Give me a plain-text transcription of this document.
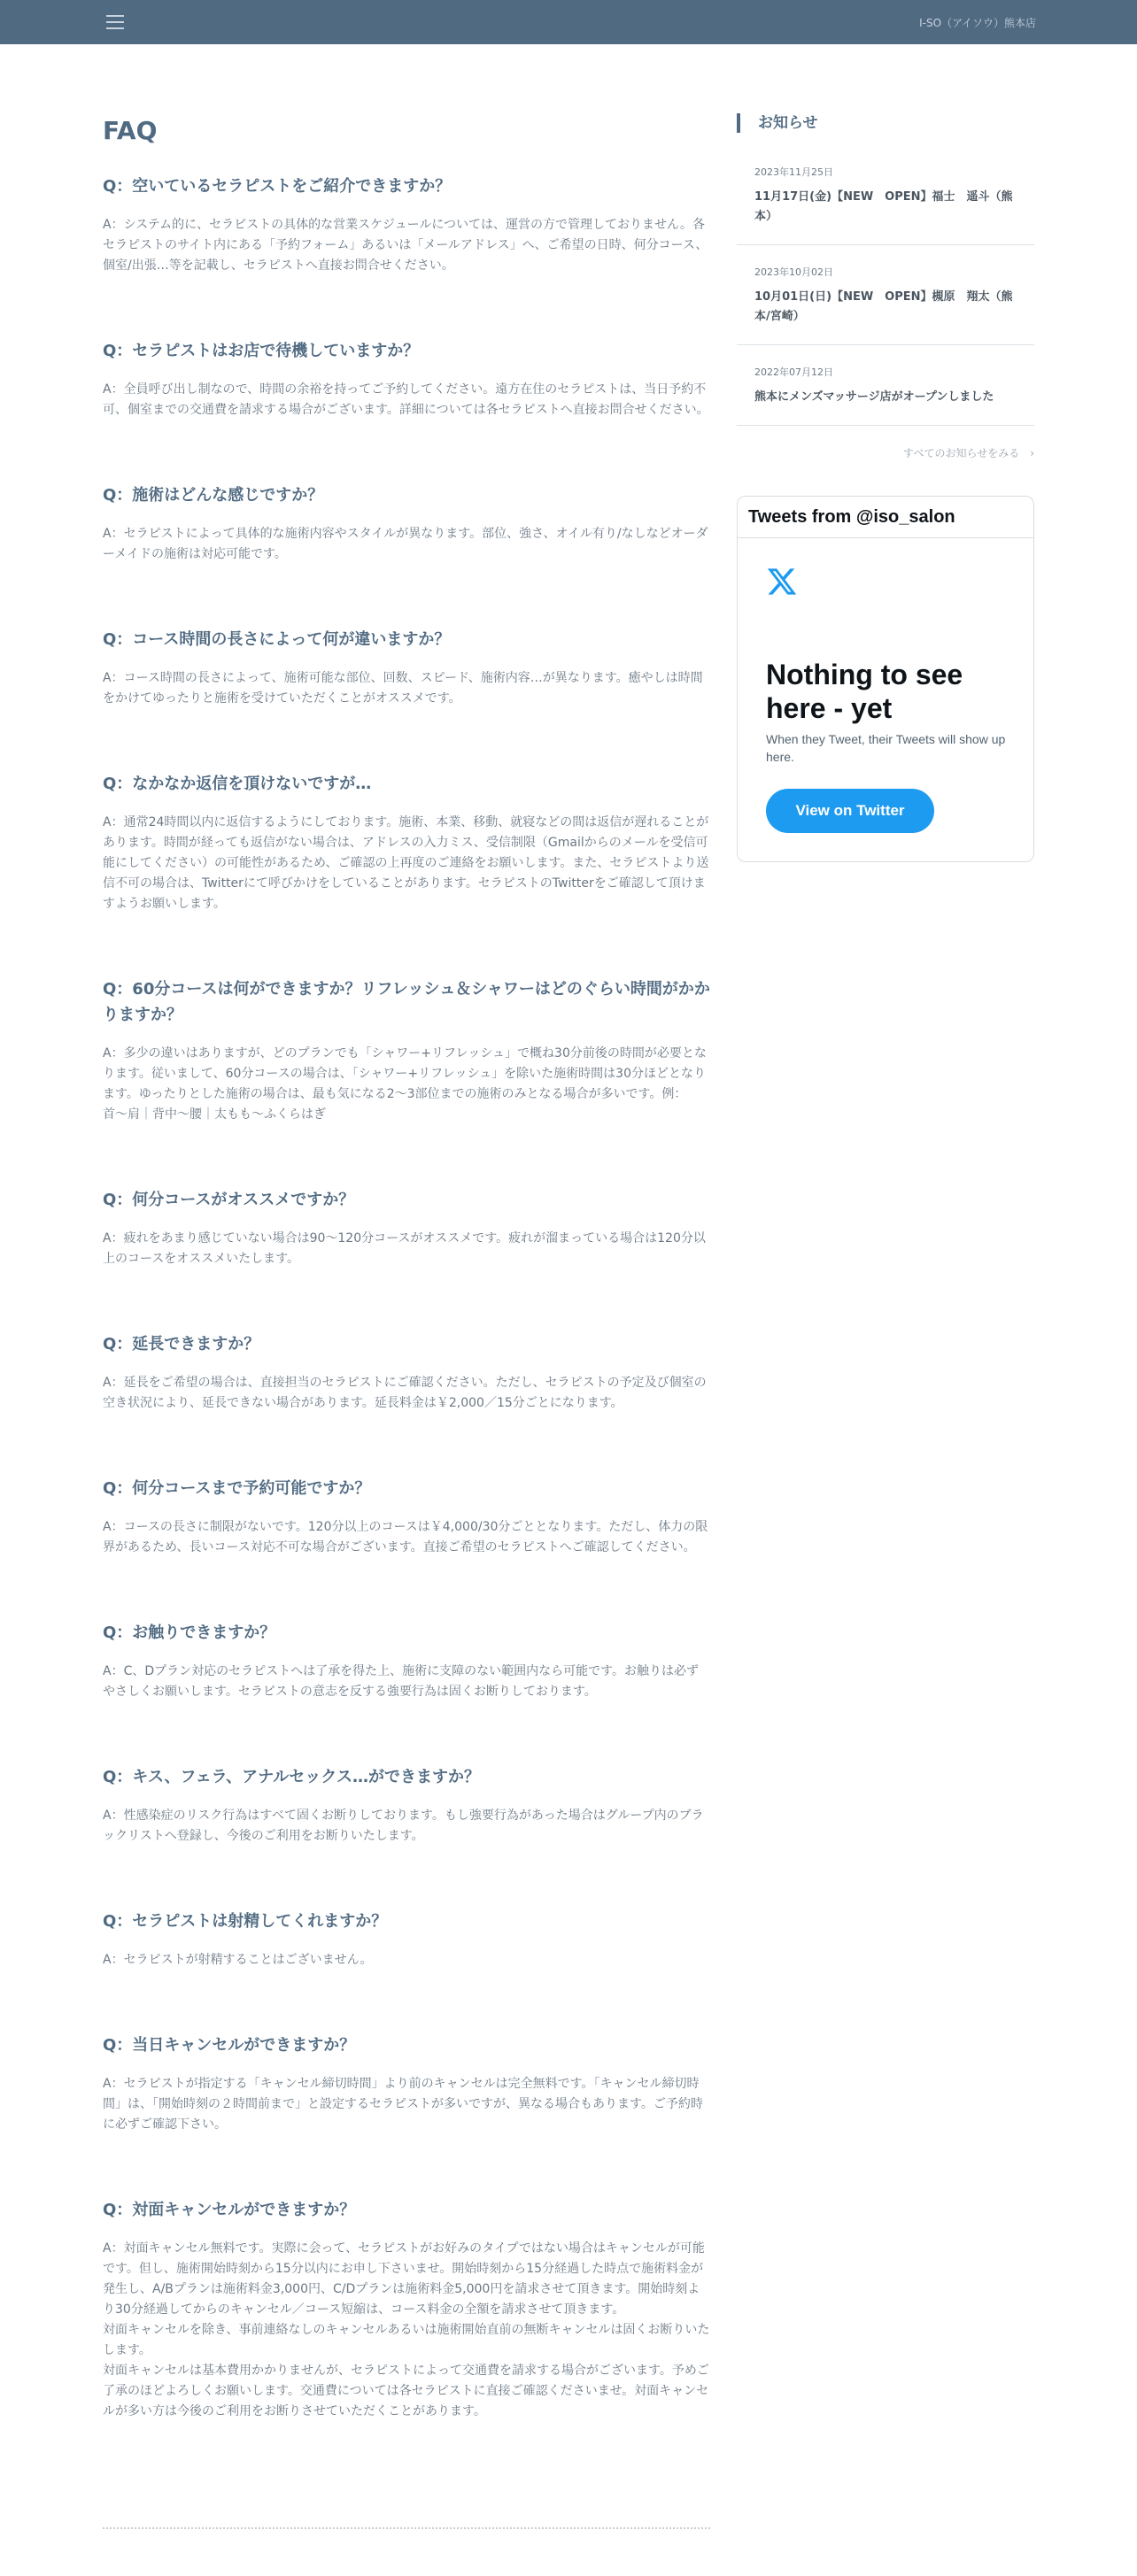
I-SO（アイソウ）熊本店
FAQ
Q：空いているセラピストをご紹介できますか？

A：システム的に、セラピストの具体的な営業スケジュールについては、運営の方で管理しておりません。各セラピストのサイト内にある「予約フォーム」あるいは「メールアドレス」へ、ご希望の日時、何分コース、個室/出張…等を記載し、セラピストへ直接お問合せください。

Q：セラピストはお店で待機していますか？

A：全員呼び出し制なので、時間の余裕を持ってご予約してください。遠方在住のセラピストは、当日予約不可、個室までの交通費を請求する場合がございます。詳細については各セラピストへ直接お問合せください。

Q：施術はどんな感じですか？

A：セラピストによって具体的な施術内容やスタイルが異なります。部位、強さ、オイル有り/なしなどオーダーメイドの施術は対応可能です。

Q：コース時間の長さによって何が違いますか？

A：コース時間の長さによって、施術可能な部位、回数、スピード、施術内容…が異なります。癒やしは時間をかけてゆったりと施術を受けていただくことがオススメです。

Q：なかなか返信を頂けないですが…

A：通常24時間以内に返信するようにしております。施術、本業、移動、就寝などの間は返信が遅れることがあります。時間が経っても返信がない場合は、アドレスの入力ミス、受信制限（Gmailからのメールを受信可能にしてください）の可能性があるため、ご確認の上再度のご連絡をお願いします。また、セラピストより送信不可の場合は、Twitterにて呼びかけをしていることがあります。セラピストのTwitterをご確認して頂けますようお願いします。

Q：60分コースは何ができますか？リフレッシュ＆シャワーはどのぐらい時間がかかりますか？

A：多少の違いはありますが、どのプランでも「シャワー+リフレッシュ」で概ね30分前後の時間が必要となります。従いまして、60分コースの場合は、「シャワー+リフレッシュ」を除いた施術時間は30分ほどとなります。ゆったりとした施術の場合は、最も気になる2〜3部位までの施術のみとなる場合が多いです。例：首〜肩｜背中〜腰｜太もも〜ふくらはぎ

Q：何分コースがオススメですか？

A：疲れをあまり感じていない場合は90〜120分コースがオススメです。疲れが溜まっている場合は120分以上のコースをオススメいたします。

Q：延長できますか？

A：延長をご希望の場合は、直接担当のセラピストにご確認ください。ただし、セラピストの予定及び個室の空き状況により、延長できない場合があります。延長料金は￥2,000／15分ごとになります。

Q：何分コースまで予約可能ですか？

A：コースの長さに制限がないです。120分以上のコースは￥4,000/30分ごととなります。ただし、体力の限界があるため、長いコース対応不可な場合がございます。直接ご希望のセラピストへご確認してください。

Q：お触りできますか？

A：C、Dプラン対応のセラピストへは了承を得た上、施術に支障のない範囲内なら可能です。お触りは必ずやさしくお願いします。セラピストの意志を反する強要行為は固くお断りしております。

Q：キス、フェラ、アナルセックス…ができますか？

A：性感染症のリスク行為はすべて固くお断りしております。もし強要行為があった場合はグループ内のブラックリストへ登録し、今後のご利用をお断りいたします。

Q：セラピストは射精してくれますか？

A：セラピストが射精することはございません。

Q：当日キャンセルができますか？

A：セラピストが指定する「キャンセル締切時間」より前のキャンセルは完全無料です。「キャンセル締切時間」は、「開始時刻の２時間前まで」と設定するセラピストが多いですが、異なる場合もあります。ご予約時に必ずご確認下さい。

Q：対面キャンセルができますか？

A：対面キャンセル無料です。実際に会って、セラピストがお好みのタイプではない場合はキャンセルが可能です。但し、施術開始時刻から15分以内にお申し下さいませ。開始時刻から15分経過した時点で施術料金が発生し、A/Bプランは施術料金3,000円、C/Dプランは施術料金5,000円を請求させて頂きます。開始時刻より30分経過してからのキャンセル／コース短縮は、コース料金の全額を請求させて頂きます。
対面キャンセルを除き、事前連絡なしのキャンセルあるいは施術開始直前の無断キャンセルは固くお断りいたします。
対面キャンセルは基本費用かかりませんが、セラピストによって交通費を請求する場合がございます。予めご了承のほどよろしくお願いします。交通費については各セラピストに直接ご確認くださいませ。対面キャンセルが多い方は今後のご利用をお断りさせていただくことがあります。

お知らせ
2023年11月25日
11月17日(金)【NEW　OPEN】福士　遥斗（熊本）
2023年10月02日
10月01日(日)【NEW　OPEN】槻原　翔太（熊本/宮崎）
2022年07月12日
熊本にメンズマッサージ店がオープンしました
すべてのお知らせをみる　›
Tweets from @iso_salon
Nothing to see here - yet
When they Tweet, their Tweets will show up here.
View on Twitter
